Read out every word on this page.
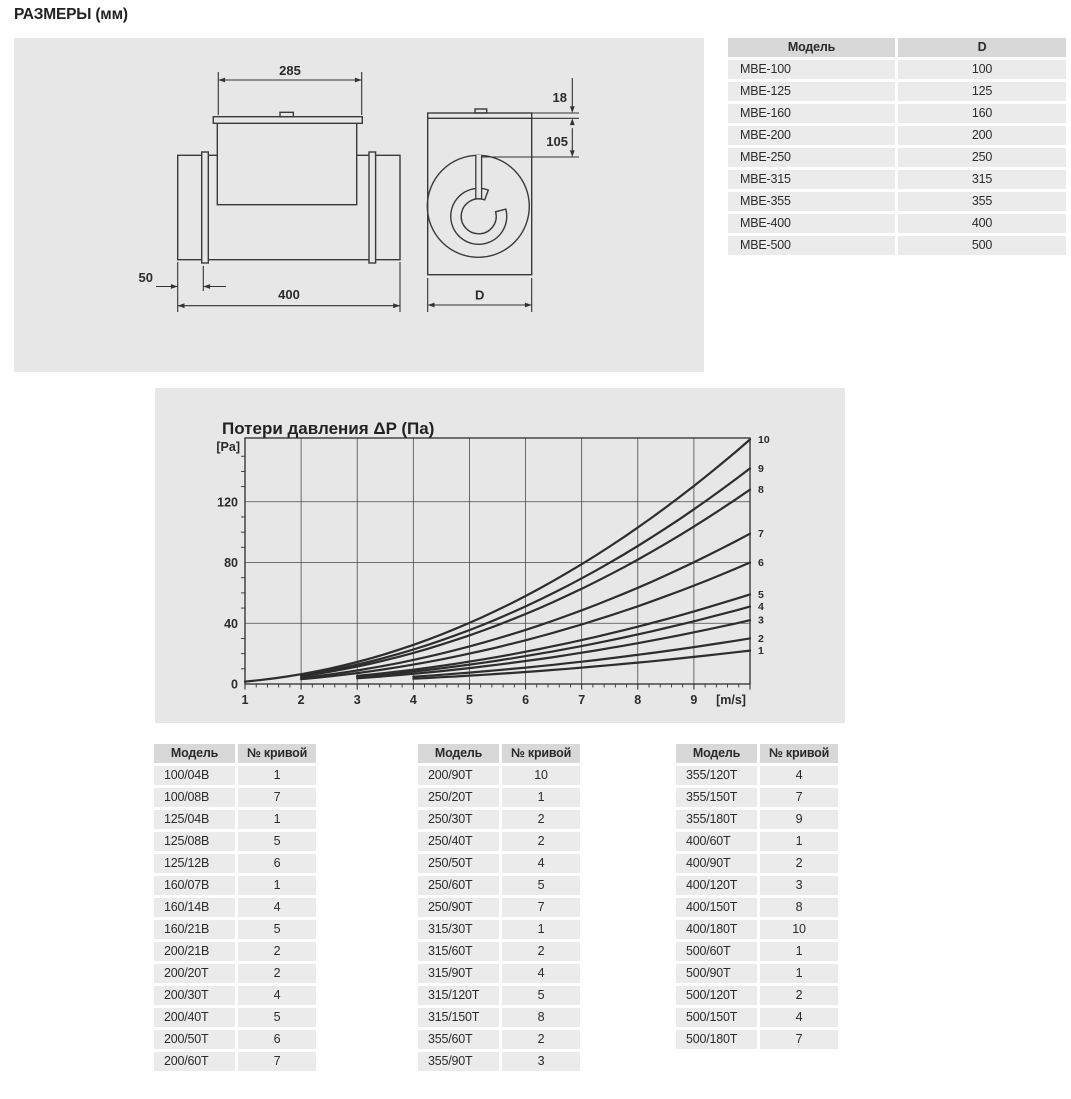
РАЗМЕРЫ (мм)
285
18
105
50
400	D
Модель	D
MBE-100	100
MBE-125	125
MBE-160	160
MBE-200	200
MBE-250	250
MBE-315	315
MBE-355	355
MBE-400	400
MBE-500	500
Потери давления ΔP (Па)
1
2
3
4
5
6
7
8
9
10
1	2	3	4	5	6	7	8	9
0
40
80
120
[m/s]
[Pa]
Модель	№ кривой
100/04B	1
100/08B	7
125/04B	1
125/08B	5
125/12B	6
160/07B	1
160/14B	4
160/21B	5
200/21B	2
200/20T	2
200/30T	4
200/40T	5
200/50T	6
200/60T	7
Модель	№ кривой
200/90T	10
250/20T	1
250/30T	2
250/40T	2
250/50T	4
250/60T	5
250/90T	7
315/30T	1
315/60T	2
315/90T	4
315/120T	5
315/150T	8
355/60T	2
355/90T	3
Модель	№ кривой
355/120T	4
355/150T	7
355/180T	9
400/60T	1
400/90T	2
400/120T	3
400/150T	8
400/180T	10
500/60T	1
500/90T	1
500/120T	2
500/150T	4
500/180T	7
